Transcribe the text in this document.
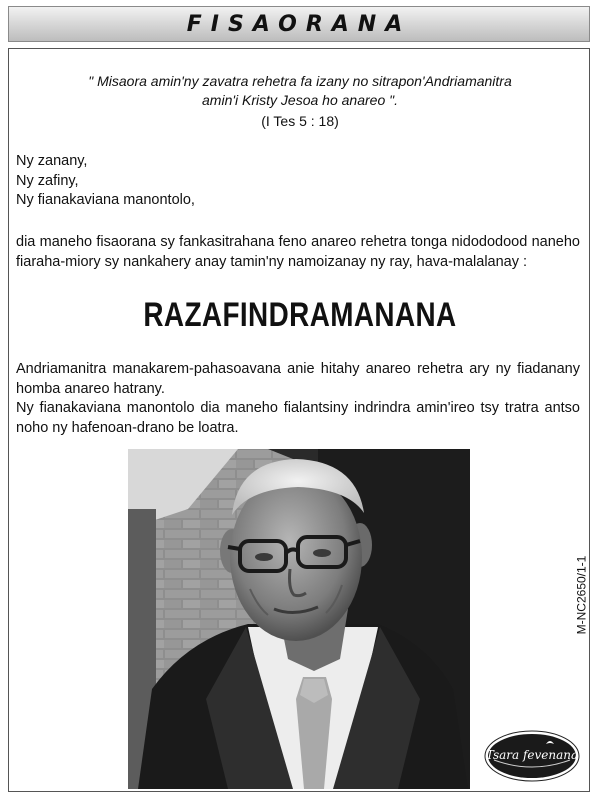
FISAORANA
" Misaora amin'ny zavatra rehetra fa izany no sitrapon'Andriamanitra
amin'i Kristy Jesoa ho anareo ".
(I Tes 5 : 18)
Ny zanany,
Ny zafiny,
Ny fianakaviana manontolo,
dia maneho fisaorana sy fankasitrahana feno anareo rehetra tonga nidododood naneho fiaraha-miory sy nankahery anay tamin'ny namoizanay ny ray, hava-malalanay :
RAZAFINDRAMANANA
Andriamanitra manakarem-pahasoavana anie hitahy anareo rehetra ary ny fiadanany homba anareo hatrany.
Ny fianakaviana manontolo dia maneho fialantsiny indrindra amin'ireo tsy tratra antso noho ny hafenoan-drano be loatra.
M-NC2650/1-1
Tsara fevenana
